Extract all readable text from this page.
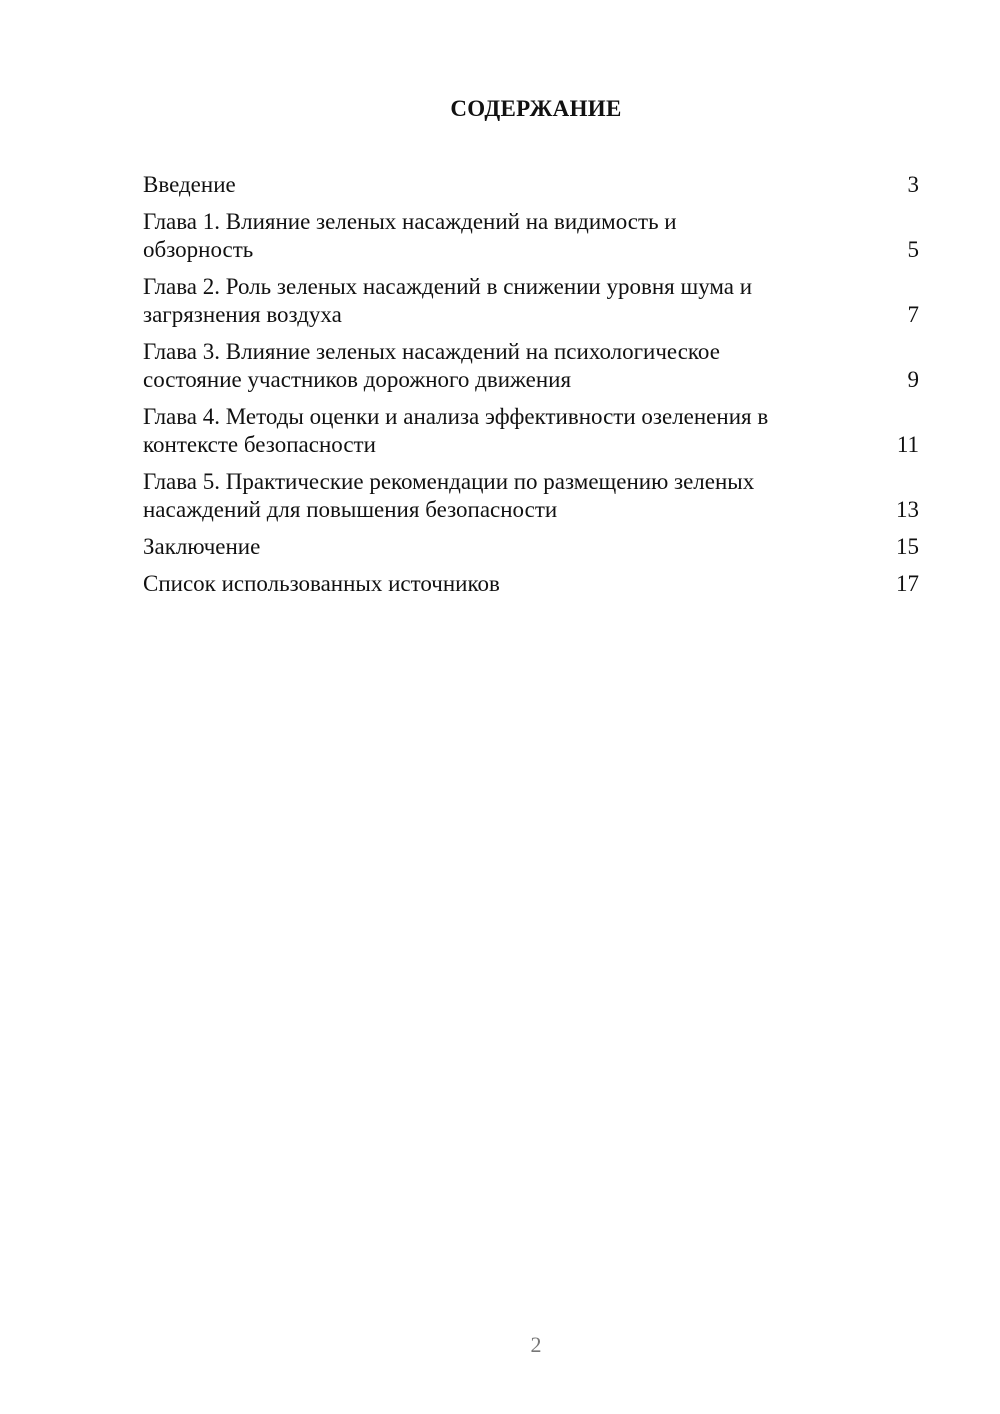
СОДЕРЖАНИЕ
Введение	3
Глава 1. Влияние зеленых насаждений на видимость и
обзорность	5
Глава 2. Роль зеленых насаждений в снижении уровня шума и
загрязнения воздуха	7
Глава 3. Влияние зеленых насаждений на психологическое
состояние участников дорожного движения	9
Глава 4. Методы оценки и анализа эффективности озеленения в
контексте безопасности	11
Глава 5. Практические рекомендации по размещению зеленых
насаждений для повышения безопасности	13
Заключение	15
Список использованных источников	17
2
